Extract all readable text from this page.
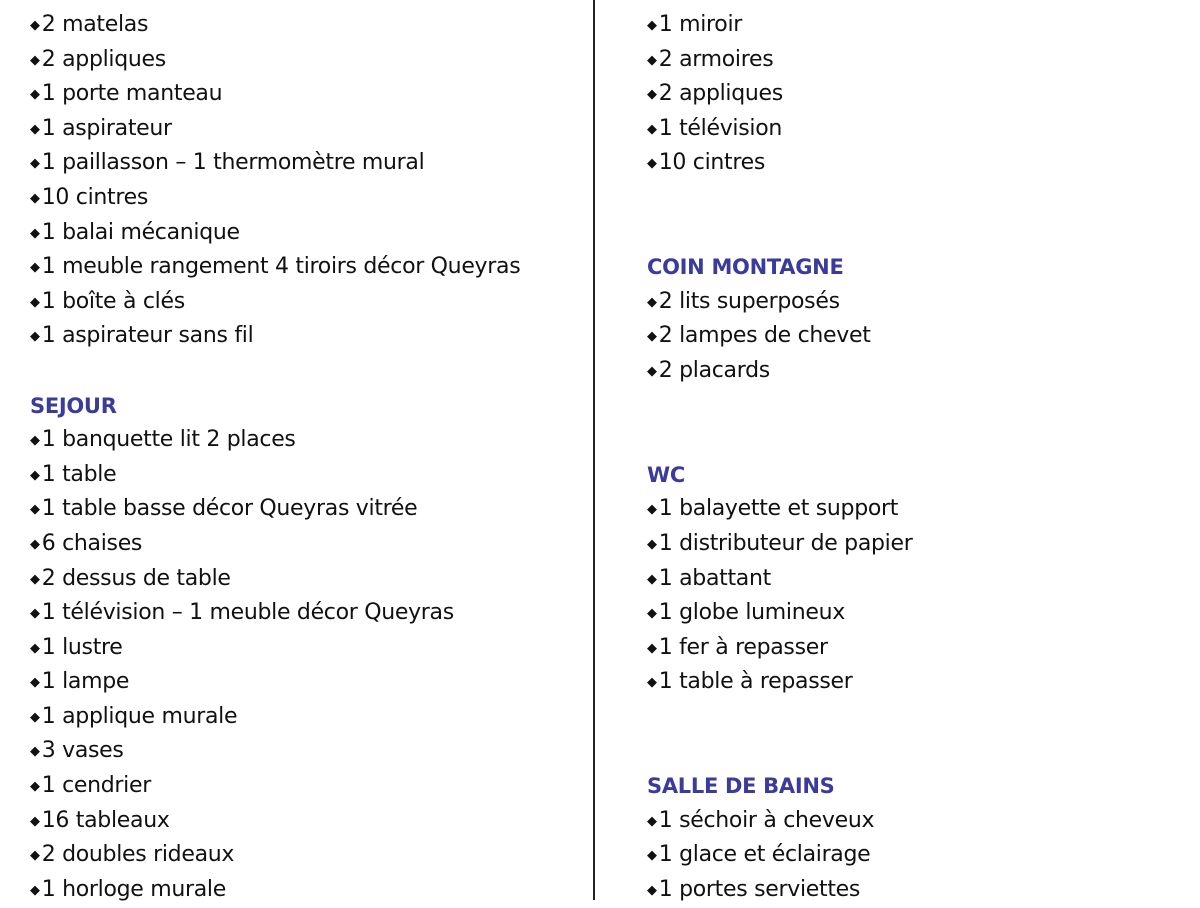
◆2 matelas
◆2 appliques
◆1 porte manteau
◆1 aspirateur
◆1 paillasson – 1 thermomètre mural
◆10 cintres
◆1 balai mécanique
◆1 meuble rangement 4 tiroirs décor Queyras
◆1 boîte à clés
◆1 aspirateur sans fil
SEJOUR
◆1 banquette lit 2 places
◆1 table
◆1 table basse décor Queyras vitrée
◆6 chaises
◆2 dessus de table
◆1 télévision – 1 meuble décor Queyras
◆1 lustre
◆1 lampe
◆1 applique murale
◆3 vases
◆1 cendrier
◆16 tableaux
◆2 doubles rideaux
◆1 horloge murale
◆1 miroir
◆2 armoires
◆2 appliques
◆1 télévision
◆10 cintres
COIN MONTAGNE
◆2 lits superposés
◆2 lampes de chevet
◆2 placards
WC
◆1 balayette et support
◆1 distributeur de papier
◆1 abattant
◆1 globe lumineux
◆1 fer à repasser
◆1 table à repasser
SALLE DE BAINS
◆1 séchoir à cheveux
◆1 glace et éclairage
◆1 portes serviettes
